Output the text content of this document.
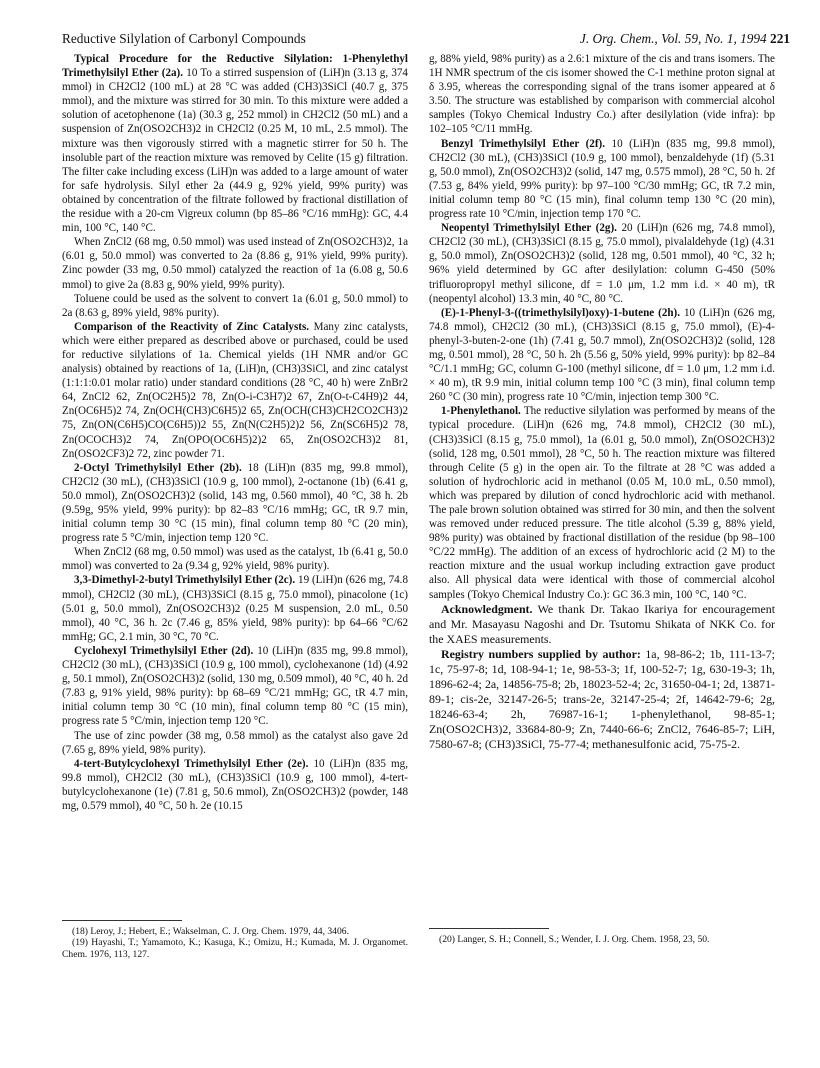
Reductive Silylation of Carbonyl Compounds	J. Org. Chem., Vol. 59, No. 1, 1994 221

Typical Procedure for the Reductive Silylation: 1-Phenylethyl Trimethylsilyl Ether (2a). 10 To a stirred suspension of (LiH)n (3.13 g, 374 mmol) in CH2Cl2 (100 mL) at 28 °C was added (CH3)3SiCl (40.7 g, 375 mmol), and the mixture was stirred for 30 min. To this mixture were added a solution of acetophenone (1a) (30.3 g, 252 mmol) in CH2Cl2 (50 mL) and a suspension of Zn(OSO2CH3)2 in CH2Cl2 (0.25 M, 10 mL, 2.5 mmol). The mixture was then vigorously stirred with a magnetic stirrer for 50 h. The insoluble part of the reaction mixture was removed by Celite (15 g) filtration. The filter cake including excess (LiH)n was added to a large amount of water for safe hydrolysis. Silyl ether 2a (44.9 g, 92% yield, 99% purity) was obtained by concentration of the filtrate followed by fractional distillation of the residue with a 20-cm Vigreux column (bp 85–86 °C/16 mmHg): GC, 4.4 min, 100 °C, 140 °C.

When ZnCl2 (68 mg, 0.50 mmol) was used instead of Zn(OSO2CH3)2, 1a (6.01 g, 50.0 mmol) was converted to 2a (8.86 g, 91% yield, 99% purity). Zinc powder (33 mg, 0.50 mmol) catalyzed the reaction of 1a (6.08 g, 50.6 mmol) to give 2a (8.83 g, 90% yield, 99% purity).

Toluene could be used as the solvent to convert 1a (6.01 g, 50.0 mmol) to 2a (8.63 g, 89% yield, 98% purity).

Comparison of the Reactivity of Zinc Catalysts. Many zinc catalysts, which were either prepared as described above or purchased, could be used for reductive silylations of 1a. Chemical yields (1H NMR and/or GC analysis) obtained by reactions of 1a, (LiH)n, (CH3)3SiCl, and zinc catalyst (1:1:1:0.01 molar ratio) under standard conditions (28 °C, 40 h) were ZnBr2 64, ZnCl2 62, Zn(OC2H5)2 78, Zn(O-i-C3H7)2 67, Zn(O-t-C4H9)2 44, Zn(OC6H5)2 74, Zn(OCH(CH3)C6H5)2 65, Zn(OCH(CH3)CH2CO2CH3)2 75, Zn(ON(C6H5)CO(C6H5))2 55, Zn(N(C2H5)2)2 56, Zn(SC6H5)2 78, Zn(OCOCH3)2 74, Zn(OPO(OC6H5)2)2 65, Zn(OSO2CH3)2 81, Zn(OSO2CF3)2 72, zinc powder 71.

2-Octyl Trimethylsilyl Ether (2b). 18 (LiH)n (835 mg, 99.8 mmol), CH2Cl2 (30 mL), (CH3)3SiCl (10.9 g, 100 mmol), 2-octanone (1b) (6.41 g, 50.0 mmol), Zn(OSO2CH3)2 (solid, 143 mg, 0.560 mmol), 40 °C, 38 h. 2b (9.59g, 95% yield, 99% purity): bp 82–83 °C/16 mmHg; GC, tR 9.7 min, initial column temp 30 °C (15 min), final column temp 80 °C (20 min), progress rate 5 °C/min, injection temp 120 °C.

When ZnCl2 (68 mg, 0.50 mmol) was used as the catalyst, 1b (6.41 g, 50.0 mmol) was converted to 2a (9.34 g, 92% yield, 98% purity).

3,3-Dimethyl-2-butyl Trimethylsilyl Ether (2c). 19 (LiH)n (626 mg, 74.8 mmol), CH2Cl2 (30 mL), (CH3)3SiCl (8.15 g, 75.0 mmol), pinacolone (1c) (5.01 g, 50.0 mmol), Zn(OSO2CH3)2 (0.25 M suspension, 2.0 mL, 0.50 mmol), 40 °C, 36 h. 2c (7.46 g, 85% yield, 98% purity): bp 64–66 °C/62 mmHg; GC, 2.1 min, 30 °C, 70 °C.

Cyclohexyl Trimethylsilyl Ether (2d). 10 (LiH)n (835 mg, 99.8 mmol), CH2Cl2 (30 mL), (CH3)3SiCl (10.9 g, 100 mmol), cyclohexanone (1d) (4.92 g, 50.1 mmol), Zn(OSO2CH3)2 (solid, 130 mg, 0.509 mmol), 40 °C, 40 h. 2d (7.83 g, 91% yield, 98% purity): bp 68–69 °C/21 mmHg; GC, tR 4.7 min, initial column temp 30 °C (10 min), final column temp 80 °C (15 min), progress rate 5 °C/min, injection temp 120 °C.

The use of zinc powder (38 mg, 0.58 mmol) as the catalyst also gave 2d (7.65 g, 89% yield, 98% purity).

4-tert-Butylcyclohexyl Trimethylsilyl Ether (2e). 10 (LiH)n (835 mg, 99.8 mmol), CH2Cl2 (30 mL), (CH3)3SiCl (10.9 g, 100 mmol), 4-tert-butylcyclohexanone (1e) (7.81 g, 50.6 mmol), Zn(OSO2CH3)2 (powder, 148 mg, 0.579 mmol), 40 °C, 50 h. 2e (10.15

g, 88% yield, 98% purity) as a 2.6:1 mixture of the cis and trans isomers. The 1H NMR spectrum of the cis isomer showed the C-1 methine proton signal at δ 3.95, whereas the corresponding signal of the trans isomer appeared at δ 3.50. The structure was established by comparison with commercial alcohol samples (Tokyo Chemical Industry Co.) after desilylation (vide infra): bp 102–105 °C/11 mmHg.

Benzyl Trimethylsilyl Ether (2f). 10 (LiH)n (835 mg, 99.8 mmol), CH2Cl2 (30 mL), (CH3)3SiCl (10.9 g, 100 mmol), benzaldehyde (1f) (5.31 g, 50.0 mmol), Zn(OSO2CH3)2 (solid, 147 mg, 0.575 mmol), 28 °C, 50 h. 2f (7.53 g, 84% yield, 99% purity): bp 97–100 °C/30 mmHg; GC, tR 7.2 min, initial column temp 80 °C (15 min), final column temp 130 °C (20 min), progress rate 10 °C/min, injection temp 170 °C.

Neopentyl Trimethylsilyl Ether (2g). 20 (LiH)n (626 mg, 74.8 mmol), CH2Cl2 (30 mL), (CH3)3SiCl (8.15 g, 75.0 mmol), pivalaldehyde (1g) (4.31 g, 50.0 mmol), Zn(OSO2CH3)2 (solid, 128 mg, 0.501 mmol), 40 °C, 32 h; 96% yield determined by GC after desilylation: column G-450 (50% trifluoropropyl methyl silicone, df = 1.0 μm, 1.2 mm i.d. × 40 m), tR (neopentyl alcohol) 13.3 min, 40 °C, 80 °C.

(E)-1-Phenyl-3-((trimethylsilyl)oxy)-1-butene (2h). 10 (LiH)n (626 mg, 74.8 mmol), CH2Cl2 (30 mL), (CH3)3SiCl (8.15 g, 75.0 mmol), (E)-4-phenyl-3-buten-2-one (1h) (7.41 g, 50.7 mmol), Zn(OSO2CH3)2 (solid, 128 mg, 0.501 mmol), 28 °C, 50 h. 2h (5.56 g, 50% yield, 99% purity): bp 82–84 °C/1.1 mmHg; GC, column G-100 (methyl silicone, df = 1.0 μm, 1.2 mm i.d. × 40 m), tR 9.9 min, initial column temp 100 °C (3 min), final column temp 260 °C (30 min), progress rate 10 °C/min, injection temp 300 °C.

1-Phenylethanol. The reductive silylation was performed by means of the typical procedure. (LiH)n (626 mg, 74.8 mmol), CH2Cl2 (30 mL), (CH3)3SiCl (8.15 g, 75.0 mmol), 1a (6.01 g, 50.0 mmol), Zn(OSO2CH3)2 (solid, 128 mg, 0.501 mmol), 28 °C, 50 h. The reaction mixture was filtered through Celite (5 g) in the open air. To the filtrate at 28 °C was added a solution of hydrochloric acid in methanol (0.05 M, 10.0 mL, 0.50 mmol), which was prepared by dilution of concd hydrochloric acid with methanol. The pale brown solution obtained was stirred for 30 min, and then the solvent was removed under reduced pressure. The title alcohol (5.39 g, 88% yield, 98% purity) was obtained by fractional distillation of the residue (bp 98–100 °C/22 mmHg). The addition of an excess of hydrochloric acid (2 M) to the reaction mixture and the usual workup including extraction gave product also. All physical data were identical with those of commercial alcohol samples (Tokyo Chemical Industry Co.): GC 36.3 min, 100 °C, 140 °C.

Acknowledgment. We thank Dr. Takao Ikariya for encouragement and Mr. Masayasu Nagoshi and Dr. Tsutomu Shikata of NKK Co. for the XAES measurements.

Registry numbers supplied by author: 1a, 98-86-2; 1b, 111-13-7; 1c, 75-97-8; 1d, 108-94-1; 1e, 98-53-3; 1f, 100-52-7; 1g, 630-19-3; 1h, 1896-62-4; 2a, 14856-75-8; 2b, 18023-52-4; 2c, 31650-04-1; 2d, 13871-89-1; cis-2e, 32147-26-5; trans-2e, 32147-25-4; 2f, 14642-79-6; 2g, 18246-63-4; 2h, 76987-16-1; 1-phenylethanol, 98-85-1; Zn(OSO2CH3)2, 33684-80-9; Zn, 7440-66-6; ZnCl2, 7646-85-7; LiH, 7580-67-8; (CH3)3SiCl, 75-77-4; methanesulfonic acid, 75-75-2.

(18) Leroy, J.; Hebert, E.; Wakselman, C. J. Org. Chem. 1979, 44, 3406.
(19) Hayashi, T.; Yamamoto, K.; Kasuga, K.; Omizu, H.; Kumada, M. J. Organomet. Chem. 1976, 113, 127.
(20) Langer, S. H.; Connell, S.; Wender, I. J. Org. Chem. 1958, 23, 50.
